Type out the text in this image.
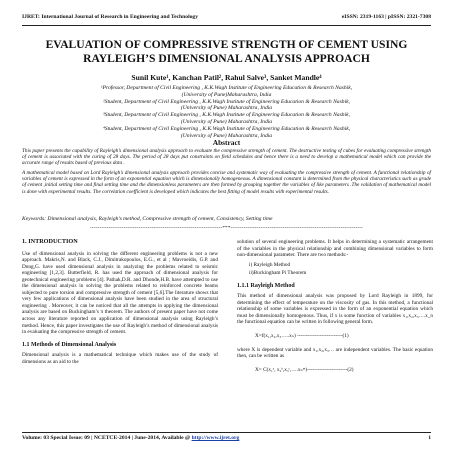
IJRET: International Journal of Research in Engineering and Technology	eISSN: 2319-1163 | pISSN: 2321-7308
EVALUATION OF COMPRESSIVE STRENGTH OF CEMENT USING
RAYLEIGH’S DIMENSIONAL ANALYSIS APPROACH
Sunil Kute¹, Kanchan Patil², Rahul Salve³, Sanket Mandle⁴
¹Professor, Department of Civil Engineering , K.K.Wagh Institute of Engineering Education & Research Nashik,
(University of Pune)Maharashtra, India
²Student, Department of Civil Engineering , K.K.Wagh Institute of Engineering Education & Research Nashik,
(University of Pune) Maharashtra, India
³Student, Department of Civil Engineering , K.K.Wagh Institute of Engineering Education & Research Nashik,
(University of Pune) Maharashtra, India
⁴Student, Department of Civil Engineering , K.K.Wagh Institute of Engineering Education & Research Nashik,
(University of Pune) Maharashtra, India
Abstract

This paper presents the capability of Rayleigh’s dimensional analysis approach to evaluate the compressive strength of cement. The destructive testing of cubes for evaluating compressive strength of cement is associated with the curing of 28 days. The period of 28 days put constraints on field schedules and hence there is a need to develop a mathematical model which can provide the accurate range of results based of previous data .

A mathematical model based on Lord Rayleigh’s dimensional analysis approach provides concise and systematic way of evaluating the compressive strength of cement. A functional relationship of variables of cement is expressed in the form of an exponential equation which is dimensionally homogeneous. A dimensional constant is determined from the physical characteristics such as grade of cement ,initial setting time and final setting time and the dimensionless parameters are then formed by grouping together the variables of like parameters .The validation of mathematical model is done with experimental results. The correlation coefficient is developed which indicates the best fitting of model results with experimental results.

Keywords: Dimensional analysis, Rayleigh’s method, Compressive strength of cement, Consistency, Setting time
-----------------------------------------------------------------------***-----------------------------------------------------------------------
1. INTRODUCTION

Use of dimensional analysis in solving the different engineering problems is not a new approach. Makris,N. and Black, C.J., Dimitrakopoulos, E.G., et al ; Mavroeidis, G.P. and Dong,G. have used dimensional analysis in analyzing the problems related to seismic engineering [1,2,3]. Butterfield, R. has used the approach of dimensional analysis for geotechnical engineering problems [4]. Pathak,D.R. and Dhonde,H.B. have attempted to use the dimensional analysis in solving the problems related to reinforced concrete beams subjected to pure torsion and compressive strength of cement [5,6].The literature shows that very few applications of dimensional analysis have been studied in the area of structural engineering . Moreover, it can be noticed that all the attempts in applying the dimensional analysis are based on Buckingham’s π theorem. The authors of present paper have not come across any literature reported on application of dimensional analysis using Rayleigh’s method. Hence, this paper investigates the use of Rayleigh’s method of dimensional analysis in evaluating the compressive strength of cement.

1.1 Methods of Dimensional Analysis

Dimensional analysis is a mathematical technique which makes use of the study of dimensions as an aid to the

solution of several engineering problems. It helps in determining a systematic arrangement of the variables in the physical relationship and combining dimensional variables to form non-dimensional parameter. There are two methods:-

i) Rayleigh Method
ii)Buckingham Pi Theorem
1.1.1 Rayleigh Method

This method of dimensional analysis was proposed by Lord Rayleigh in 1899, for determining the effect of temperature on the viscosity of gas. In this method, a functional relationship of some variables is expressed in the form of an exponential equation which must be dimensionally homogenous. Thus, if x is some function of variables x₁,x₂,x₃….x_n the functional equation can be written in following general form.

X=f(x₁,x₂,x₃…..xₙ) --------------------------(1)

where X is dependent variable and x₁,x₂,x₃… are independent variables. The basic equation then, can be written as

X= C(x₁ᵃ, x₂ᵇ,x₃ᶜ,….xₙᵐ)-----------------------(2)
Volume: 03 Special Issue: 09 | NCETCE-2014 | June-2014, Available @ http://www.ijret.org	1
